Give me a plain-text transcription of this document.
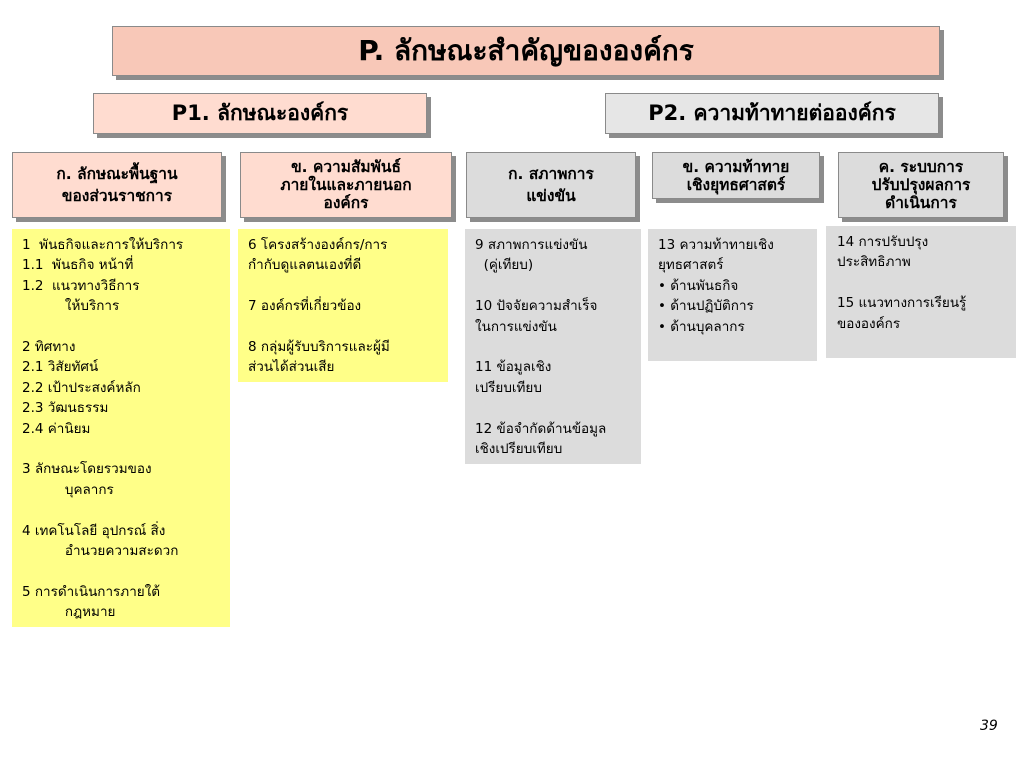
P. ลักษณะสำคัญขององค์กร
P1. ลักษณะองค์กร	P2. ความท้าทายต่อองค์กร
ก. ลักษณะพื้นฐาน
ของส่วนราชการ
ข. ความสัมพันธ์
ภายในและภายนอก
องค์กร
ก. สภาพการ
แข่งขัน
ข. ความท้าทาย
เชิงยุทธศาสตร์
ค. ระบบการ
ปรับปรุงผลการ
ดำเนินการ
1  พันธกิจและการให้บริการ
1.1  พันธกิจ หน้าที่
1.2  แนวทางวิธีการ
ให้บริการ
2 ทิศทาง
2.1 วิสัยทัศน์
2.2 เป้าประสงค์หลัก
2.3 วัฒนธรรม
2.4 ค่านิยม
3 ลักษณะโดยรวมของ
บุคลากร
4 เทคโนโลยี อุปกรณ์ สิ่ง
อำนวยความสะดวก
5 การดำเนินการภายใต้
กฎหมาย
6 โครงสร้างองค์กร/การ
กำกับดูแลตนเองที่ดี
7 องค์กรที่เกี่ยวข้อง
8 กลุ่มผู้รับบริการและผู้มี
ส่วนได้ส่วนเสีย
9 สภาพการแข่งขัน
(คู่เทียบ)
10 ปัจจัยความสำเร็จ
ในการแข่งขัน
11 ข้อมูลเชิง
เปรียบเทียบ
12 ข้อจำกัดด้านข้อมูล
เชิงเปรียบเทียบ
13 ความท้าทายเชิง
ยุทธศาสตร์
• ด้านพันธกิจ
• ด้านปฏิบัติการ
• ด้านบุคลากร
14 การปรับปรุง
ประสิทธิภาพ
15 แนวทางการเรียนรู้
ขององค์กร
39
